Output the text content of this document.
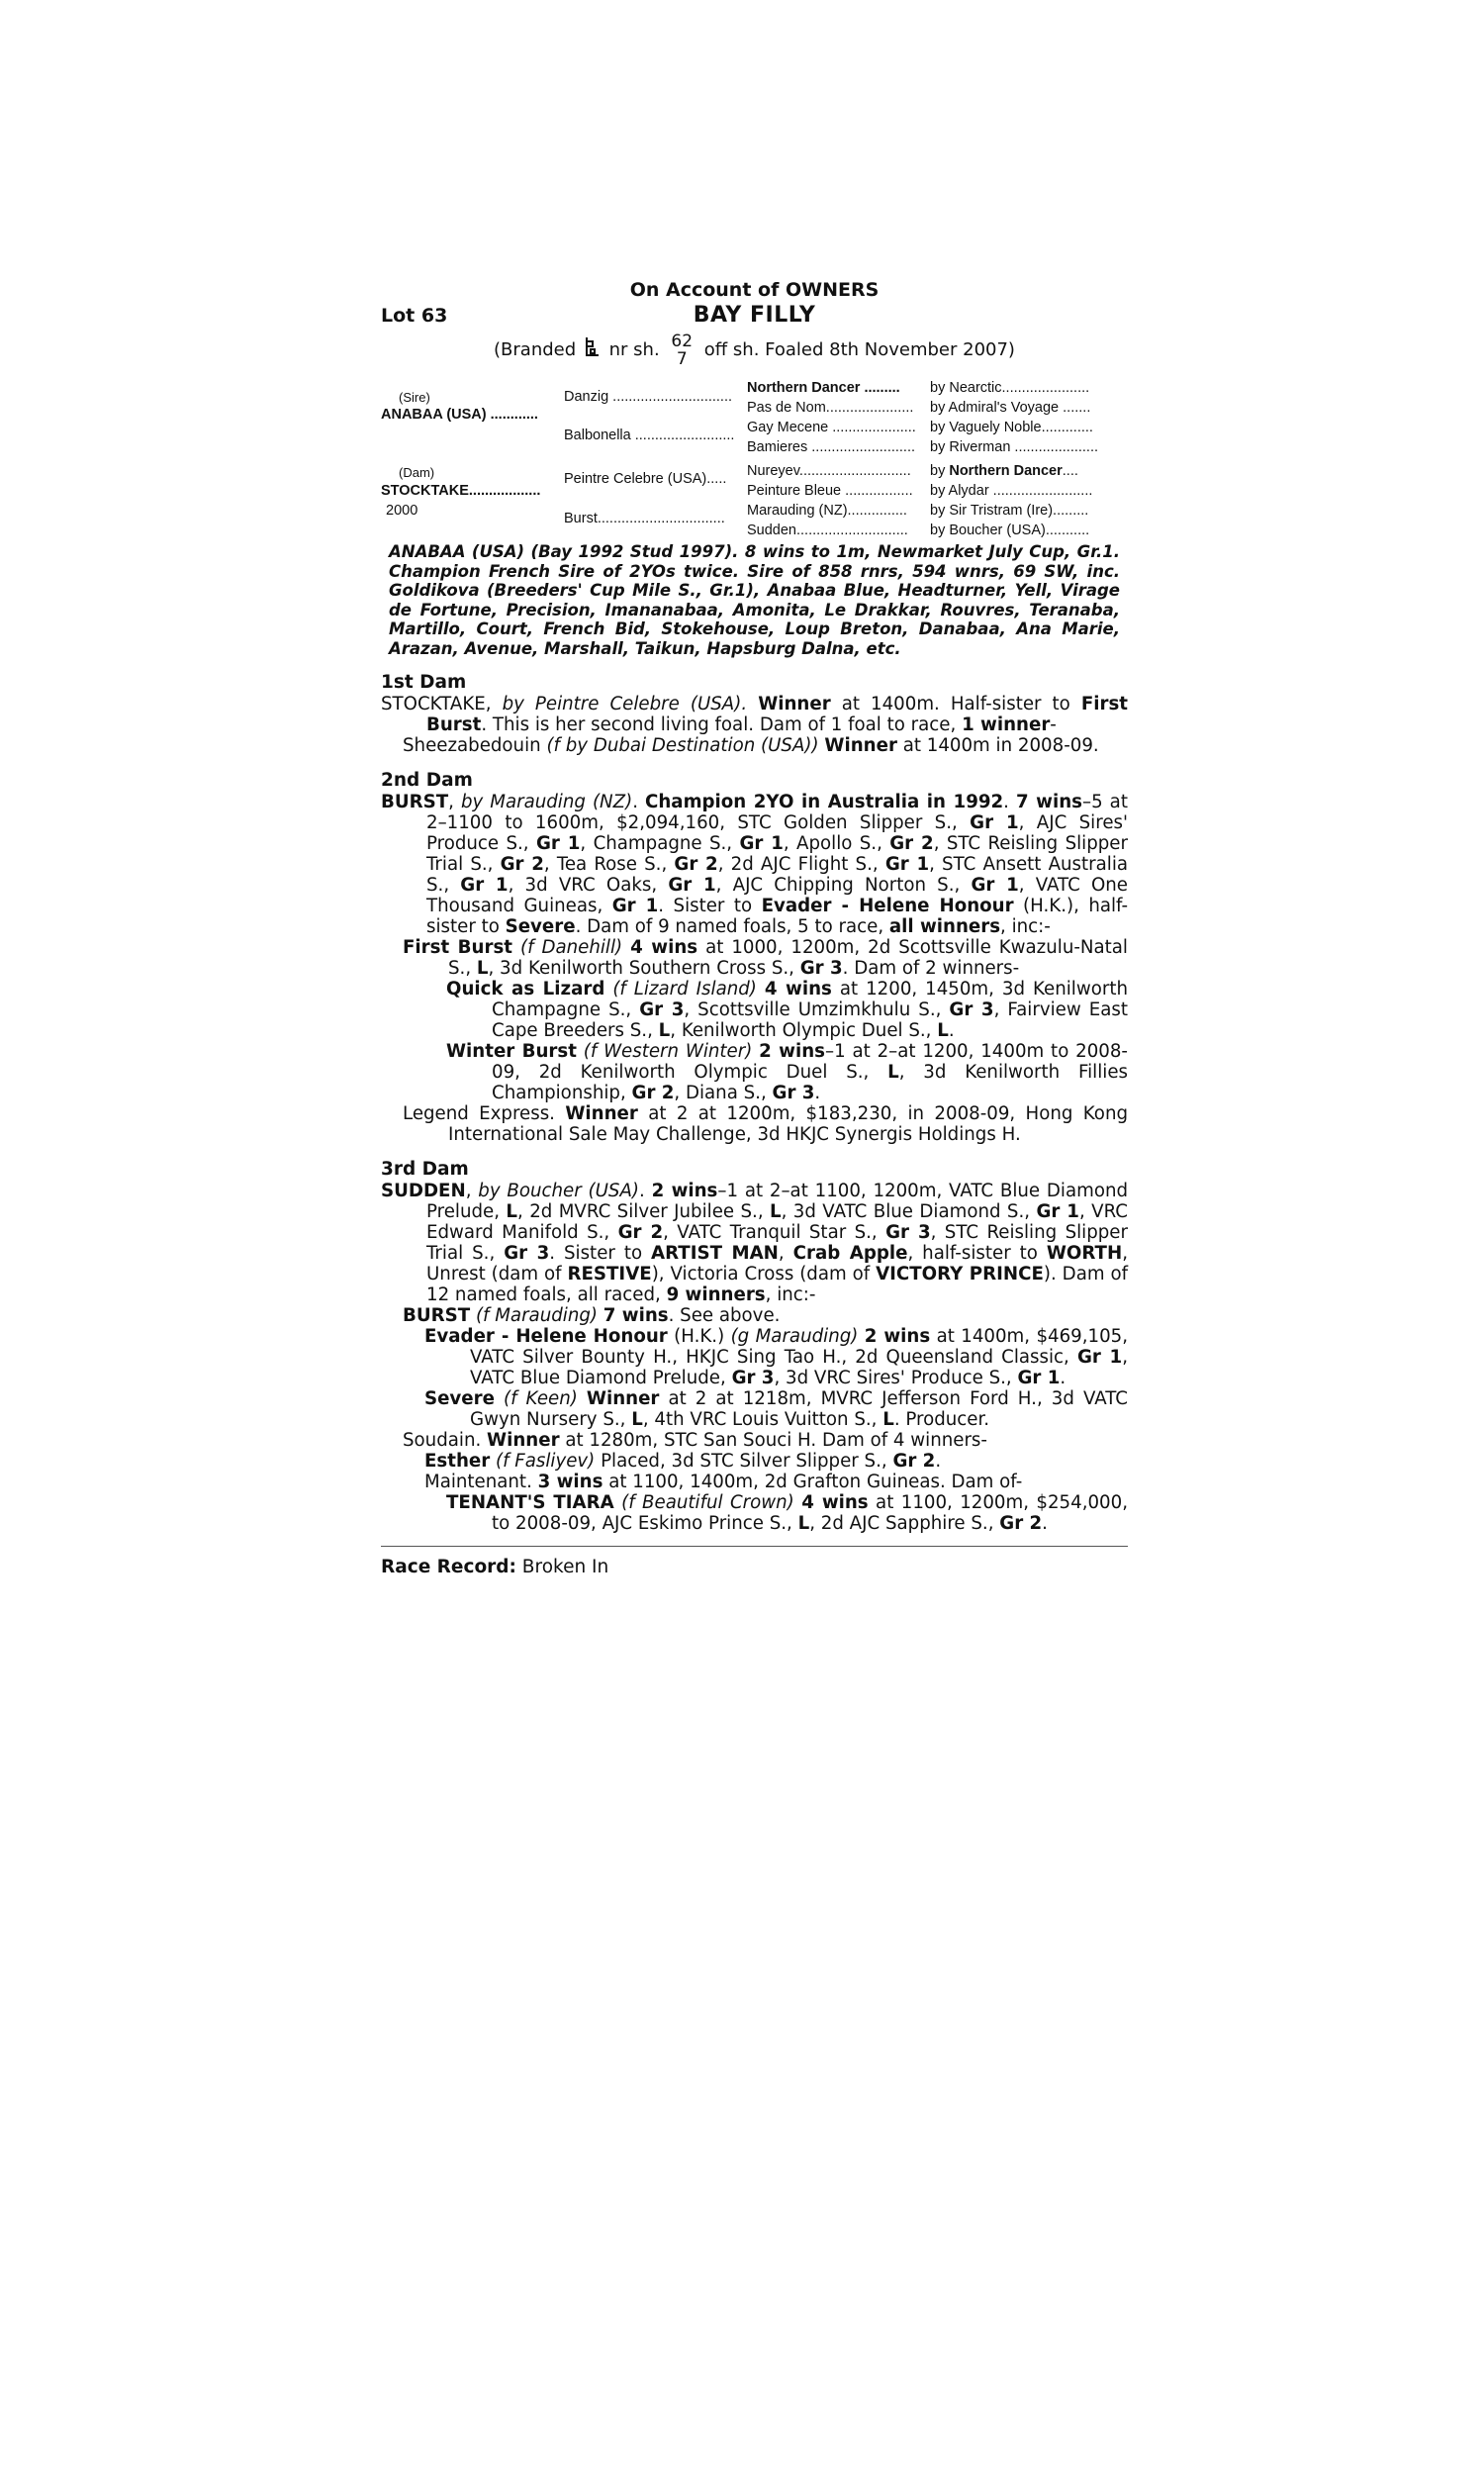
On Account of OWNERS
Lot 63	BAY FILLY
(Branded nr sh. 62
7 off sh. Foaled 8th November 2007)
(Sire)
ANABAA (USA) ............
(Dam)
STOCKTAKE..................
2000
Danzig ..............................
Balbonella .........................
Peintre Celebre (USA).....
Burst................................
Northern Dancer .........
Pas de Nom......................
Gay Mecene .....................
Bamieres ..........................
Nureyev............................
Peinture Bleue .................
Marauding (NZ)...............
Sudden............................
by Nearctic......................
by Admiral's Voyage .......
by Vaguely Noble.............
by Riverman .....................
by Northern Dancer....
by Alydar .........................
by Sir Tristram (Ire).........
by Boucher (USA)...........
ANABAA (USA) (Bay 1992 Stud 1997). 8 wins to 1m, Newmarket July Cup, Gr.1. Champion French Sire of 2YOs twice. Sire of 858 rnrs, 594 wnrs, 69 SW, inc. Goldikova (Breeders' Cup Mile S., Gr.1), Anabaa Blue, Headturner, Yell, Virage de Fortune, Precision, Imananabaa, Amonita, Le Drakkar, Rouvres, Teranaba, Martillo, Court, French Bid, Stokehouse, Loup Breton, Danabaa, Ana Marie, Arazan, Avenue, Marshall, Taikun, Hapsburg Dalna, etc.
1st Dam

STOCKTAKE, by Peintre Celebre (USA). Winner at 1400m. Half-sister to First Burst. This is her second living foal. Dam of 1 foal to race, 1 winner-

Sheezabedouin (f by Dubai Destination (USA)) Winner at 1400m in 2008-09.

2nd Dam

BURST, by Marauding (NZ). Champion 2YO in Australia in 1992. 7 wins–5 at 2–1100 to 1600m, $2,094,160, STC Golden Slipper S., Gr 1, AJC Sires' Produce S., Gr 1, Champagne S., Gr 1, Apollo S., Gr 2, STC Reisling Slipper Trial S., Gr 2, Tea Rose S., Gr 2, 2d AJC Flight S., Gr 1, STC Ansett Australia S., Gr 1, 3d VRC Oaks, Gr 1, AJC Chipping Norton S., Gr 1, VATC One Thousand Guineas, Gr 1. Sister to Evader - Helene Honour (H.K.), half-sister to Severe. Dam of 9 named foals, 5 to race, all winners, inc:-

First Burst (f Danehill) 4 wins at 1000, 1200m, 2d Scottsville Kwazulu-Natal S., L, 3d Kenilworth Southern Cross S., Gr 3. Dam of 2 winners-

Quick as Lizard (f Lizard Island) 4 wins at 1200, 1450m, 3d Kenilworth Champagne S., Gr 3, Scottsville Umzimkhulu S., Gr 3, Fairview East Cape Breeders S., L, Kenilworth Olympic Duel S., L.

Winter Burst (f Western Winter) 2 wins–1 at 2–at 1200, 1400m to 2008-09, 2d Kenilworth Olympic Duel S., L, 3d Kenilworth Fillies Championship, Gr 2, Diana S., Gr 3.

Legend Express. Winner at 2 at 1200m, $183,230, in 2008-09, Hong Kong International Sale May Challenge, 3d HKJC Synergis Holdings H.

3rd Dam

SUDDEN, by Boucher (USA). 2 wins–1 at 2–at 1100, 1200m, VATC Blue Diamond Prelude, L, 2d MVRC Silver Jubilee S., L, 3d VATC Blue Diamond S., Gr 1, VRC Edward Manifold S., Gr 2, VATC Tranquil Star S., Gr 3, STC Reisling Slipper Trial S., Gr 3. Sister to ARTIST MAN, Crab Apple, half-sister to WORTH, Unrest (dam of RESTIVE), Victoria Cross (dam of VICTORY PRINCE). Dam of 12 named foals, all raced, 9 winners, inc:-

BURST (f Marauding) 7 wins. See above.

Evader - Helene Honour (H.K.) (g Marauding) 2 wins at 1400m, $469,105, VATC Silver Bounty H., HKJC Sing Tao H., 2d Queensland Classic, Gr 1, VATC Blue Diamond Prelude, Gr 3, 3d VRC Sires' Produce S., Gr 1.

Severe (f Keen) Winner at 2 at 1218m, MVRC Jefferson Ford H., 3d VATC Gwyn Nursery S., L, 4th VRC Louis Vuitton S., L. Producer.

Soudain. Winner at 1280m, STC San Souci H. Dam of 4 winners-

Esther (f Fasliyev) Placed, 3d STC Silver Slipper S., Gr 2.

Maintenant. 3 wins at 1100, 1400m, 2d Grafton Guineas. Dam of-

TENANT'S TIARA (f Beautiful Crown) 4 wins at 1100, 1200m, $254,000, to 2008-09, AJC Eskimo Prince S., L, 2d AJC Sapphire S., Gr 2.

Race Record: Broken In
